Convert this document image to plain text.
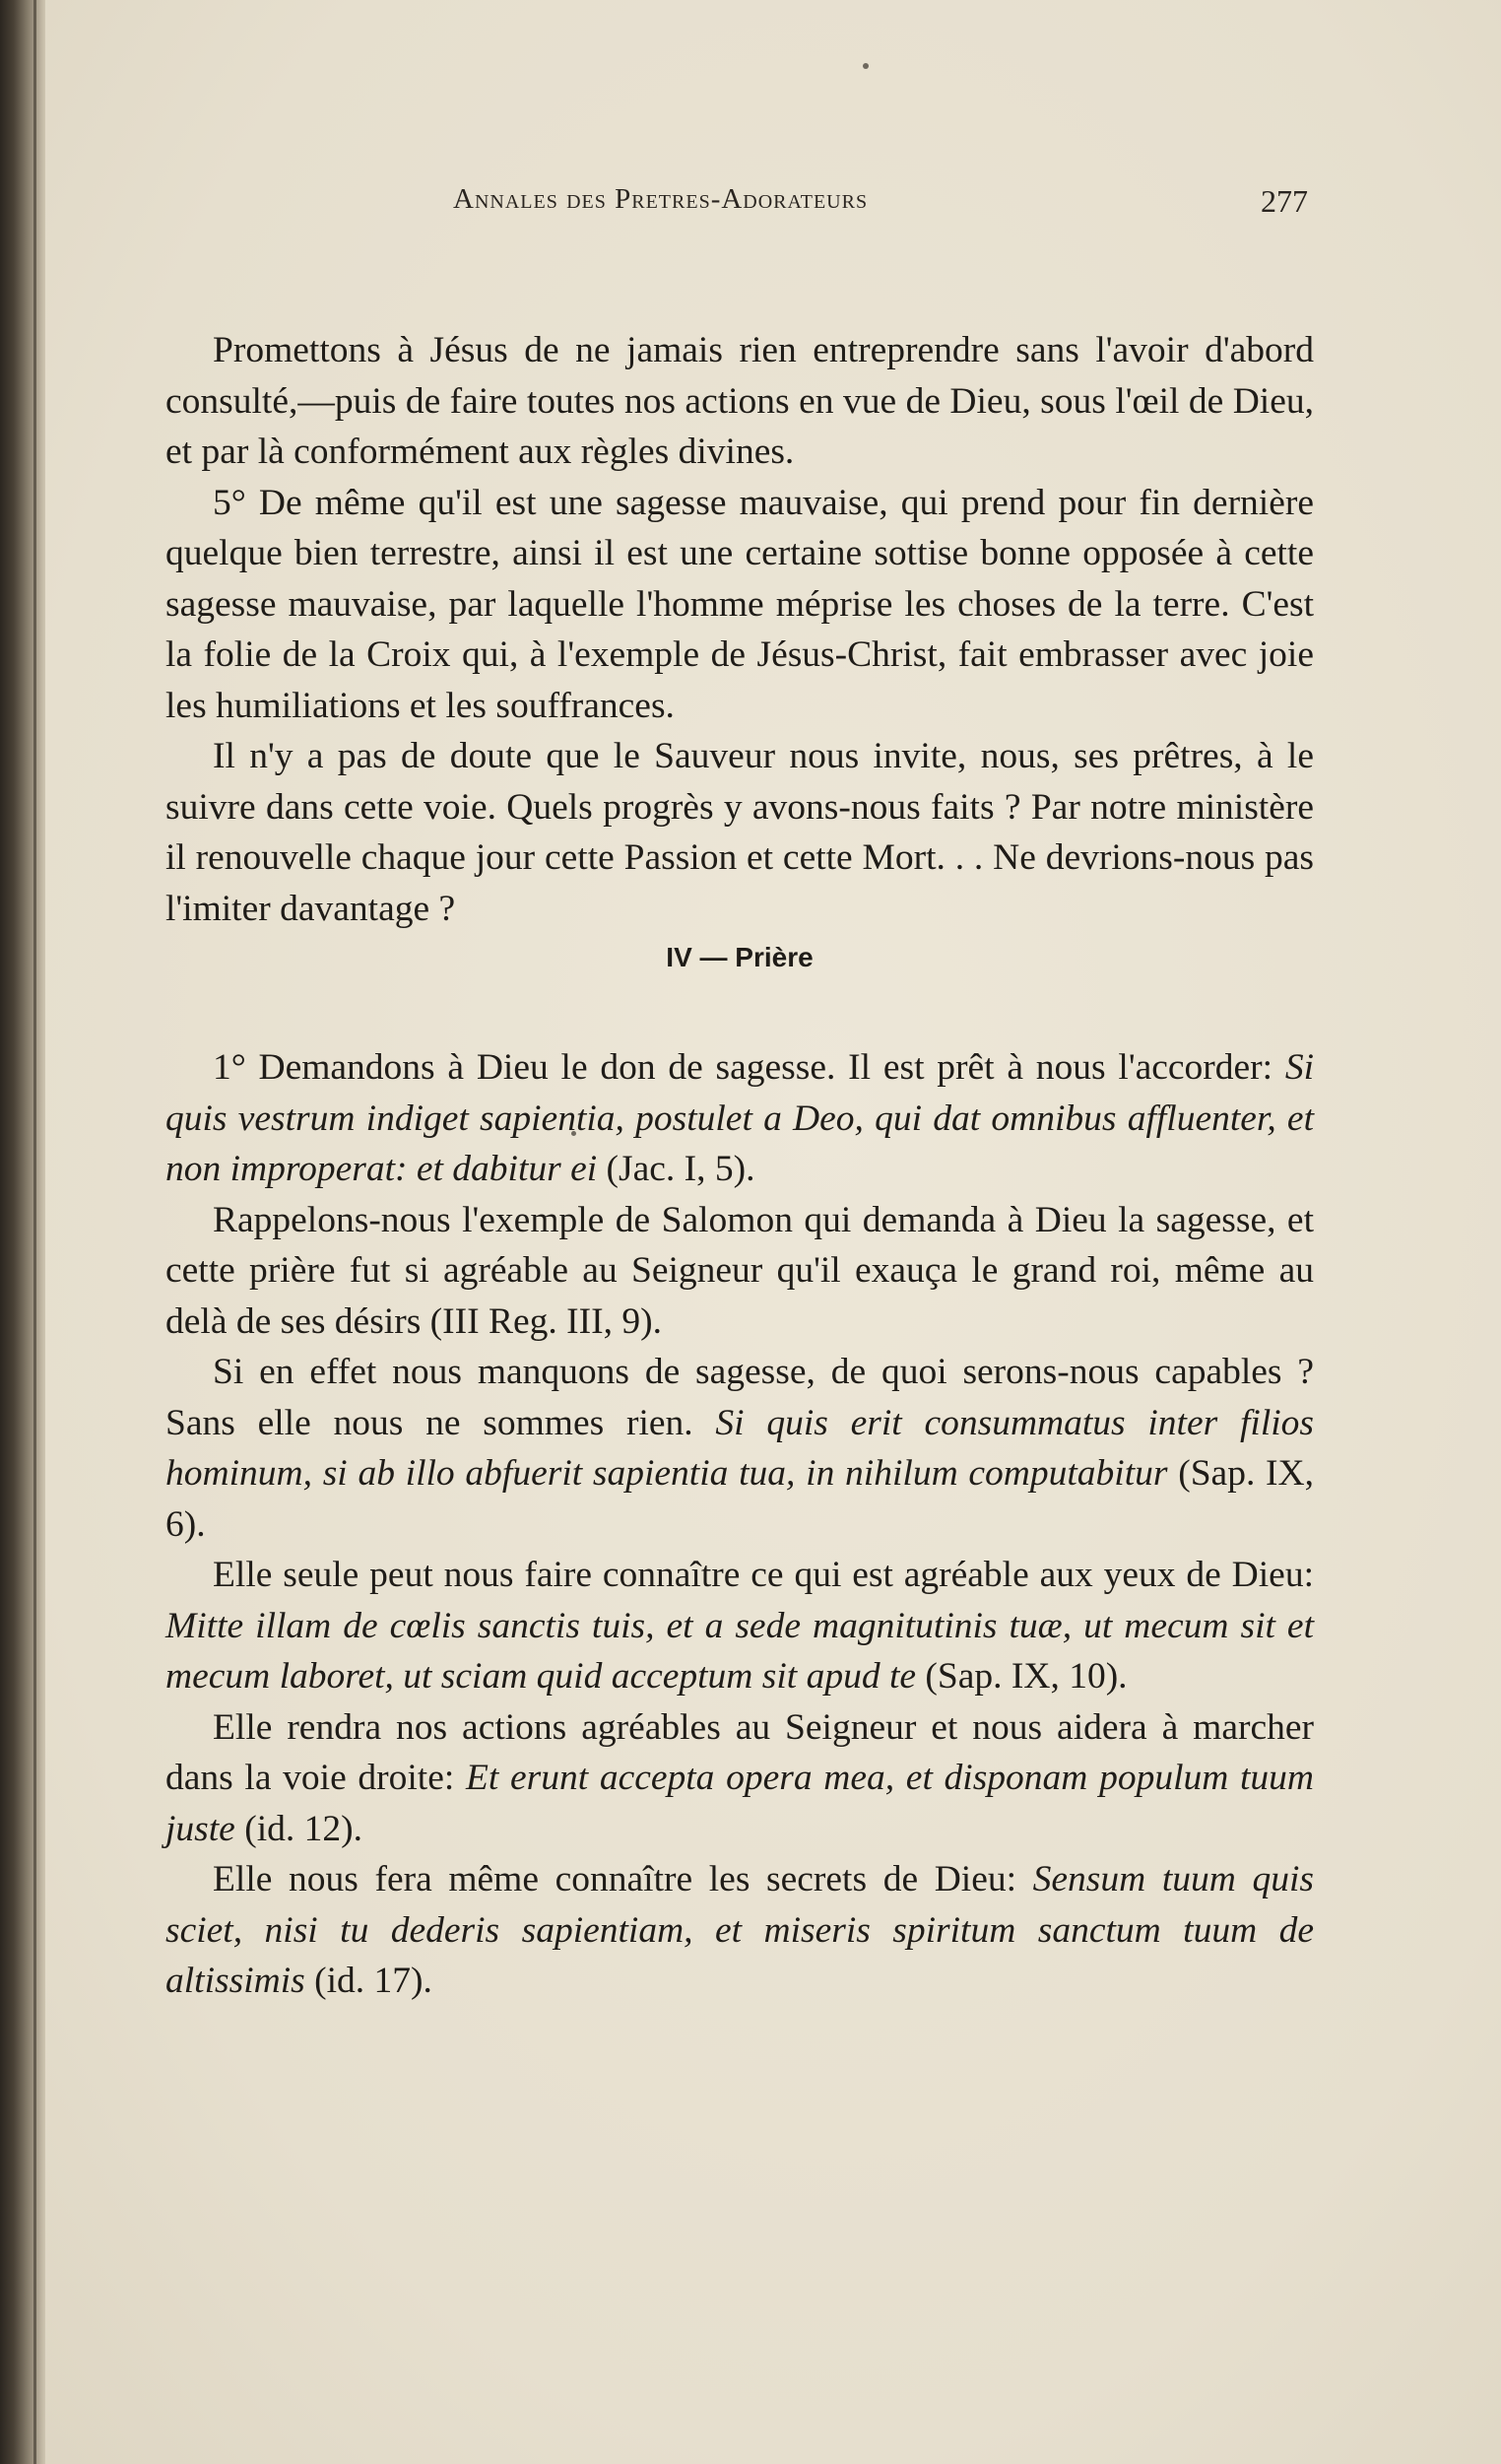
Annales des Pretres-Adorateurs	277

Promettons à Jésus de ne jamais rien entreprendre sans l'avoir d'abord consulté,—puis de faire toutes nos actions en vue de Dieu, sous l'œil de Dieu, et par là conformément aux règles divines.

5° De même qu'il est une sagesse mauvaise, qui prend pour fin dernière quelque bien terrestre, ainsi il est une certaine sottise bonne opposée à cette sagesse mauvaise, par laquelle l'homme méprise les choses de la terre. C'est la folie de la Croix qui, à l'exemple de Jésus-Christ, fait embrasser avec joie les humiliations et les souffrances.

Il n'y a pas de doute que le Sauveur nous invite, nous, ses prêtres, à le suivre dans cette voie. Quels progrès y avons-nous faits ? Par notre ministère il renouvelle chaque jour cette Passion et cette Mort. . . Ne devrions-nous pas l'imiter davantage ?

IV — Prière

1° Demandons à Dieu le don de sagesse. Il est prêt à nous l'accorder: Si quis vestrum indiget sapientia, postulet a Deo, qui dat omnibus affluenter, et non improperat: et dabitur ei (Jac. I, 5).

Rappelons-nous l'exemple de Salomon qui demanda à Dieu la sagesse, et cette prière fut si agréable au Seigneur qu'il exauça le grand roi, même au delà de ses désirs (III Reg. III, 9).

Si en effet nous manquons de sagesse, de quoi serons-nous capables ? Sans elle nous ne sommes rien. Si quis erit consummatus inter filios hominum, si ab illo abfuerit sapientia tua, in nihilum computabitur (Sap. IX, 6).

Elle seule peut nous faire connaître ce qui est agréable aux yeux de Dieu: Mitte illam de cœlis sanctis tuis, et a sede magnitutinis tuæ, ut mecum sit et mecum laboret, ut sciam quid acceptum sit apud te (Sap. IX, 10).

Elle rendra nos actions agréables au Seigneur et nous aidera à marcher dans la voie droite: Et erunt accepta opera mea, et disponam populum tuum juste (id. 12).

Elle nous fera même connaître les secrets de Dieu: Sensum tuum quis sciet, nisi tu dederis sapientiam, et miseris spiritum sanctum tuum de altissimis (id. 17).
